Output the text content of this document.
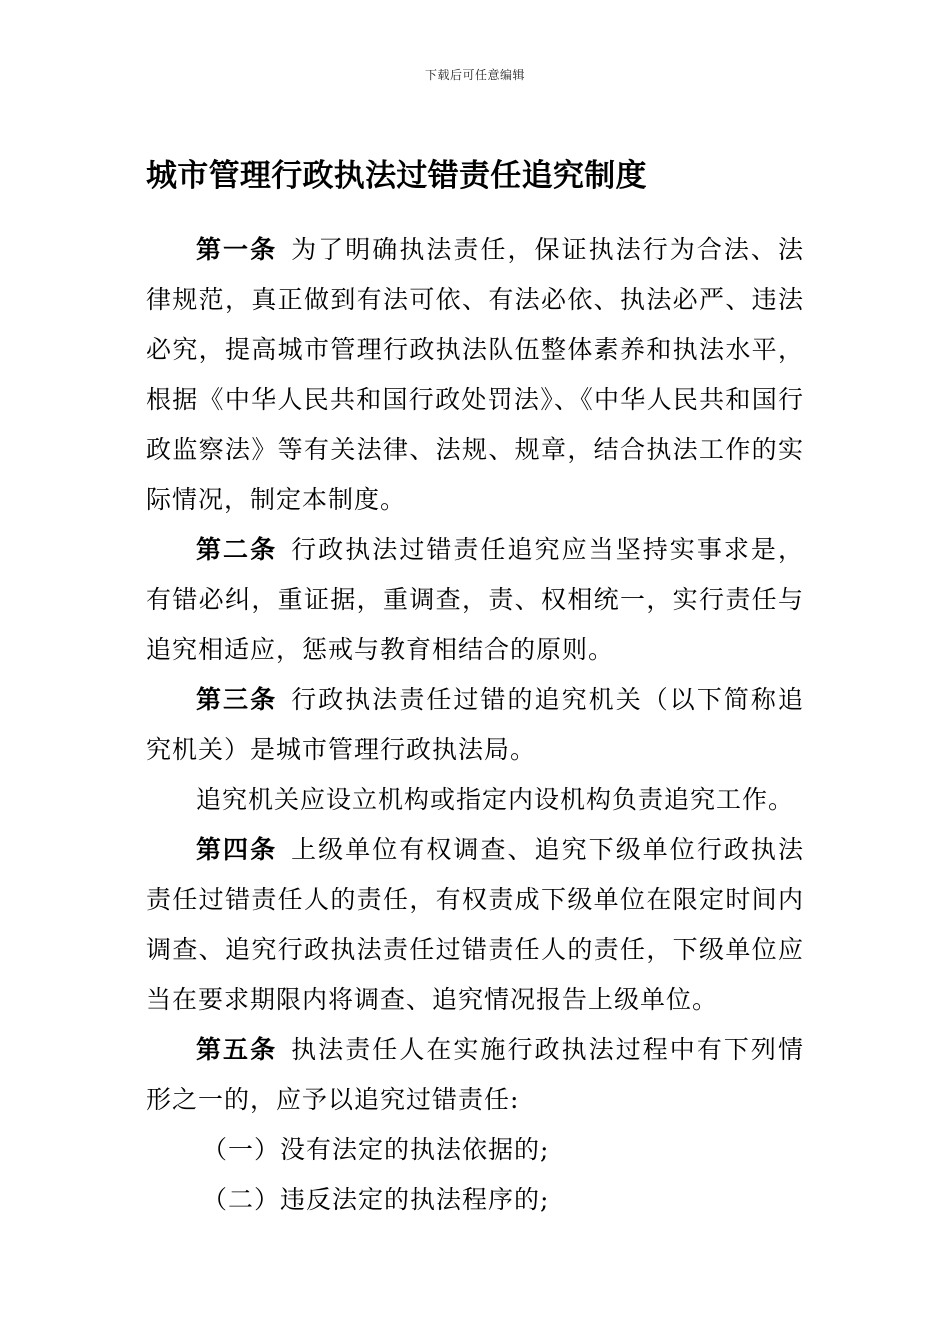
下载后可任意编辑
城市管理行政执法过错责任追究制度

第一条 为了明确执法责任，保证执法行为合法、法律规范，真正做到有法可依、有法必依、执法必严、违法必究，提高城市管理行政执法队伍整体素养和执法水平，根据《中华人民共和国行政处罚法》、《中华人民共和国行政监察法》等有关法律、法规、规章，结合执法工作的实际情况，制定本制度。

第二条 行政执法过错责任追究应当坚持实事求是，有错必纠，重证据，重调查，责、权相统一，实行责任与追究相适应，惩戒与教育相结合的原则。

第三条 行政执法责任过错的追究机关（以下简称追究机关）是城市管理行政执法局。

追究机关应设立机构或指定内设机构负责追究工作。

第四条 上级单位有权调查、追究下级单位行政执法责任过错责任人的责任，有权责成下级单位在限定时间内调查、追究行政执法责任过错责任人的责任，下级单位应当在要求期限内将调查、追究情况报告上级单位。

第五条 执法责任人在实施行政执法过程中有下列情形之一的，应予以追究过错责任:

（一）没有法定的执法依据的;

（二）违反法定的执法程序的;
